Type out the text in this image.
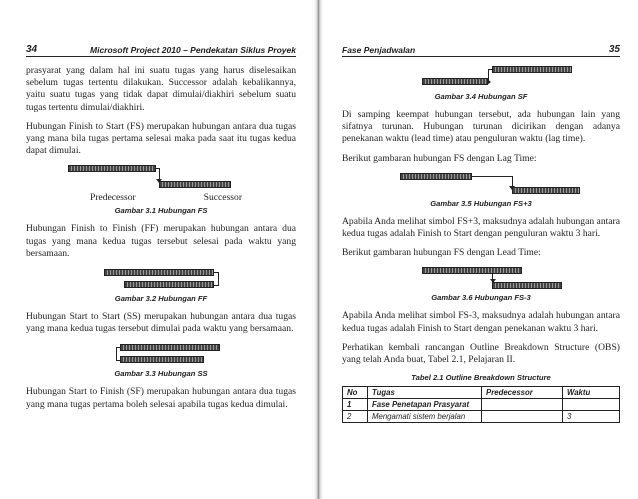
34	Microsoft Project 2010 – Pendekatan Siklus Proyek

prasyarat yang dalam hal ini suatu tugas yang harus diselesaikan sebelum tugas tertentu dilakukan. Successor adalah kebalikannya, yaitu suatu tugas yang tidak dapat dimulai/diakhiri sebelum suatu tugas tertentu dimulai/diakhiri.

Hubungan Finish to Start (FS) merupakan hubungan antara dua tugas yang mana bila tugas pertama selesai maka pada saat itu tugas kedua dapat dimulai.

Predecessor	Successor
Gambar 3.1 Hubungan FS

Hubungan Finish to Finish (FF) merupakan hubungan antara dua tugas yang mana kedua tugas tersebut selesai pada waktu yang bersamaan.

Gambar 3.2 Hubungan FF

Hubungan Start to Start (SS) merupakan hubungan antara dua tugas yang mana kedua tugas tersebut dimulai pada waktu yang bersamaan.

Gambar 3.3 Hubungan SS

Hubungan Start to Finish (SF) merupakan hubungan antara dua tugas yang mana tugas pertama boleh selesai apabila tugas kedua dimulai.

Fase Penjadwalan	35
Gambar 3.4 Hubungan SF

Di samping keempat hubungan tersebut, ada hubungan lain yang sifatnya turunan. Hubungan turunan dicirikan dengan adanya penekanan waktu (lead time) atau penguluran waktu (lag time).

Berikut gambaran hubungan FS dengan Lag Time:

Gambar 3.5 Hubungan FS+3

Apabila Anda melihat simbol FS+3, maksudnya adalah hubungan antara kedua tugas adalah Finish to Start dengan penguluran waktu 3 hari.

Berikut gambaran hubungan FS dengan Lead Time:

Gambar 3.6 Hubungan FS-3

Apabila Anda melihat simbol FS-3, maksudnya adalah hubungan antara kedua tugas adalah Finish to Start dengan penekanan waktu 3 hari.

Perhatikan kembali rancangan Outline Breakdown Structure (OBS) yang telah Anda buat, Tabel 2.1, Pelajaran II.

Tabel 2.1 Outline Breakdown Structure
No	Tugas	Predecessor	Waktu
1	Fase Penetapan Prasyarat		
2	Mengamati sistem berjalan		3
